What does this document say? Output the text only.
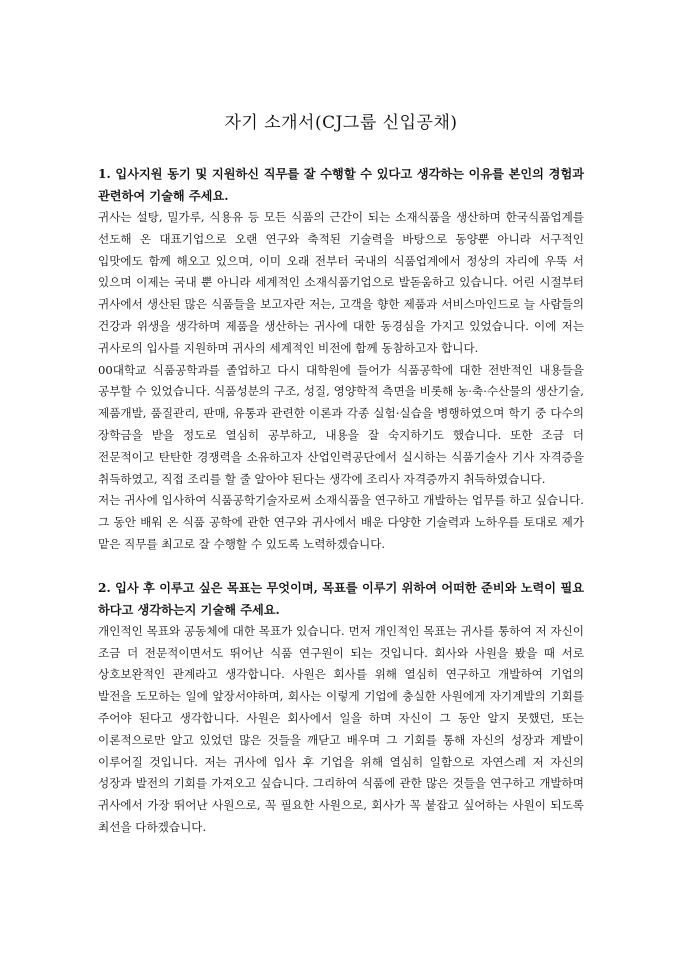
자기 소개서(CJ그룹 신입공채)

1. 입사지원 동기 및 지원하신 직무를 잘 수행할 수 있다고 생각하는 이유를 본인의 경험과 관련하여 기술해 주세요.

귀사는 설탕, 밀가루, 식용유 등 모든 식품의 근간이 되는 소재식품을 생산하며 한국식품업계를 선도해 온 대표기업으로 오랜 연구와 축적된 기술력을 바탕으로 동양뿐 아니라 서구적인 입맛에도 함께 해오고 있으며, 이미 오래 전부터 국내의 식품업계에서 정상의 자리에 우뚝 서 있으며 이제는 국내 뿐 아니라 세계적인 소재식품기업으로 발돋움하고 있습니다. 어린 시절부터 귀사에서 생산된 많은 식품들을 보고자란 저는, 고객을 향한 제품과 서비스마인드로 늘 사람들의 건강과 위생을 생각하며 제품을 생산하는 귀사에 대한 동경심을 가지고 있었습니다. 이에 저는 귀사로의 입사를 지원하며 귀사의 세계적인 비전에 함께 동참하고자 합니다.

00대학교 식품공학과를 졸업하고 다시 대학원에 들어가 식품공학에 대한 전반적인 내용들을 공부할 수 있었습니다. 식품성분의 구조, 성질, 영양학적 측면을 비롯해 농·축·수산물의 생산기술, 제품개발, 품질관리, 판매, 유통과 관련한 이론과 각종 실험·실습을 병행하였으며 학기 중 다수의 장학금을 받을 정도로 열심히 공부하고, 내용을 잘 숙지하기도 했습니다. 또한 조금 더 전문적이고 탄탄한 경쟁력을 소유하고자 산업인력공단에서 실시하는 식품기술사 기사 자격증을 취득하였고, 직접 조리를 할 줄 알아야 된다는 생각에 조리사 자격증까지 취득하였습니다.

저는 귀사에 입사하여 식품공학기술자로써 소재식품을 연구하고 개발하는 업무를 하고 싶습니다. 그 동안 배워 온 식품 공학에 관한 연구와 귀사에서 배운 다양한 기술력과 노하우를 토대로 제가 맡은 직무를 최고로 잘 수행할 수 있도록 노력하겠습니다.

2. 입사 후 이루고 싶은 목표는 무엇이며, 목표를 이루기 위하여 어떠한 준비와 노력이 필요하다고 생각하는지 기술해 주세요.

개인적인 목표와 공동체에 대한 목표가 있습니다. 먼저 개인적인 목표는 귀사를 통하여 저 자신이 조금 더 전문적이면서도 뛰어난 식품 연구원이 되는 것입니다. 회사와 사원을 봤을 때 서로 상호보완적인 관계라고 생각합니다. 사원은 회사를 위해 열심히 연구하고 개발하여 기업의 발전을 도모하는 일에 앞장서야하며, 회사는 이렇게 기업에 충실한 사원에게 자기계발의 기회를 주어야 된다고 생각합니다. 사원은 회사에서 일을 하며 자신이 그 동안 알지 못했던, 또는 이론적으로만 알고 있었던 많은 것들을 깨닫고 배우며 그 기회를 통해 자신의 성장과 계발이 이루어질 것입니다. 저는 귀사에 입사 후 기업을 위해 열심히 일함으로 자연스레 저 자신의 성장과 발전의 기회를 가져오고 싶습니다. 그리하여 식품에 관한 많은 것들을 연구하고 개발하며 귀사에서 가장 뛰어난 사원으로, 꼭 필요한 사원으로, 회사가 꼭 붙잡고 싶어하는 사원이 되도록 최선을 다하겠습니다.
